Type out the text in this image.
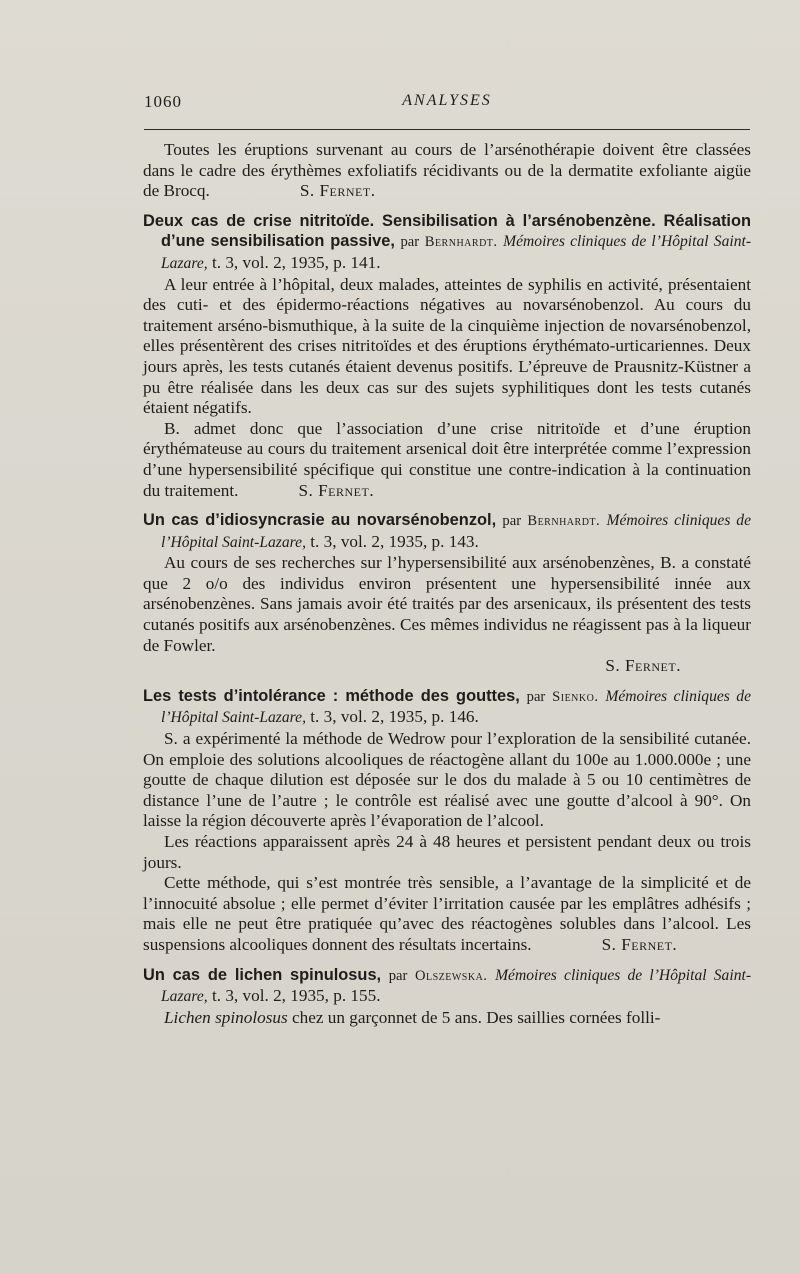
1060	ANALYSES

Toutes les éruptions survenant au cours de l’arsénothérapie doivent être classées dans le cadre des érythèmes exfoliatifs récidivants ou de la dermatite exfoliante aigüe de Brocq.	S. Fernet.

Deux cas de crise nitritoïde. Sensibilisation à l’arsénobenzène. Réalisation d’une sensibilisation passive, par Bernhardt. Mémoires cliniques de l’Hôpital Saint-Lazare, t. 3, vol. 2, 1935, p. 141.

A leur entrée à l’hôpital, deux malades, atteintes de syphilis en activité, présentaient des cuti- et des épidermo-réactions négatives au novarsénobenzol. Au cours du traitement arséno-bismuthique, à la suite de la cinquième injection de novarsénobenzol, elles présentèrent des crises nitritoïdes et des éruptions érythémato-urticariennes. Deux jours après, les tests cutanés étaient devenus positifs. L’épreuve de Prausnitz-Küstner a pu être réalisée dans les deux cas sur des sujets syphilitiques dont les tests cutanés étaient négatifs.

B. admet donc que l’association d’une crise nitritoïde et d’une éruption érythémateuse au cours du traitement arsenical doit être interprétée comme l’expression d’une hypersensibilité spécifique qui constitue une contre-indication à la continuation du traitement.	S. Fernet.

Un cas d’idiosyncrasie au novarsénobenzol, par Bernhardt. Mémoires cliniques de l’Hôpital Saint-Lazare, t. 3, vol. 2, 1935, p. 143.

Au cours de ses recherches sur l’hypersensibilité aux arsénobenzènes, B. a constaté que 2 o/o des individus environ présentent une hypersensibilité innée aux arsénobenzènes. Sans jamais avoir été traités par des arsenicaux, ils présentent des tests cutanés positifs aux arsénobenzènes. Ces mêmes individus ne réagissent pas à la liqueur de Fowler.

S. Fernet.

Les tests d’intolérance : méthode des gouttes, par Sienko. Mémoires cliniques de l’Hôpital Saint-Lazare, t. 3, vol. 2, 1935, p. 146.

S. a expérimenté la méthode de Wedrow pour l’exploration de la sensibilité cutanée. On emploie des solutions alcooliques de réactogène allant du 100e au 1.000.000e ; une goutte de chaque dilution est déposée sur le dos du malade à 5 ou 10 centimètres de distance l’une de l’autre ; le contrôle est réalisé avec une goutte d’alcool à 90°. On laisse la région découverte après l’évaporation de l’alcool.

Les réactions apparaissent après 24 à 48 heures et persistent pendant deux ou trois jours.

Cette méthode, qui s’est montrée très sensible, a l’avantage de la simplicité et de l’innocuité absolue ; elle permet d’éviter l’irritation causée par les emplâtres adhésifs ; mais elle ne peut être pratiquée qu’avec des réactogènes solubles dans l’alcool. Les suspensions alcooliques donnent des résultats incertains.	S. Fernet.

Un cas de lichen spinulosus, par Olszewska. Mémoires cliniques de l’Hôpital Saint-Lazare, t. 3, vol. 2, 1935, p. 155.

Lichen spinolosus chez un garçonnet de 5 ans. Des saillies cornées folli-
